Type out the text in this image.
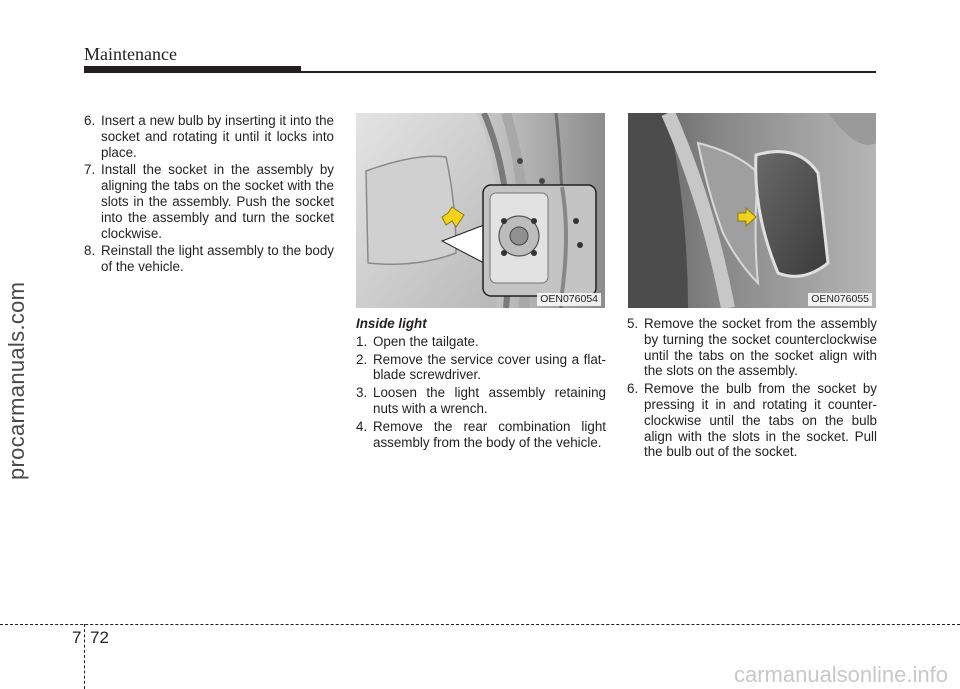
Maintenance
procarmanuals.com
6. Insert a new bulb by inserting it into the socket and rotating it until it locks into place.
7. Install the socket in the assembly by aligning the tabs on the socket with the slots in the assembly. Push the socket into the assembly and turn the socket clockwise.
8. Reinstall the light assembly to the body of the vehicle.
OEN076054	OEN076055
Inside light
1. Open the tailgate.
2. Remove the service cover using a flat-blade screwdriver.
3. Loosen the light assembly retaining nuts with a wrench.
4. Remove the rear combination light assembly from the body of the vehicle.
5. Remove the socket from the assembly by turning the socket counterclockwise until the tabs on the socket align with the slots on the assembly.
6. Remove the bulb from the socket by pressing it in and rotating it counter-clockwise until the tabs on the bulb align with the slots in the socket. Pull the bulb out of the socket.
7 72
carmanualsonline.info
